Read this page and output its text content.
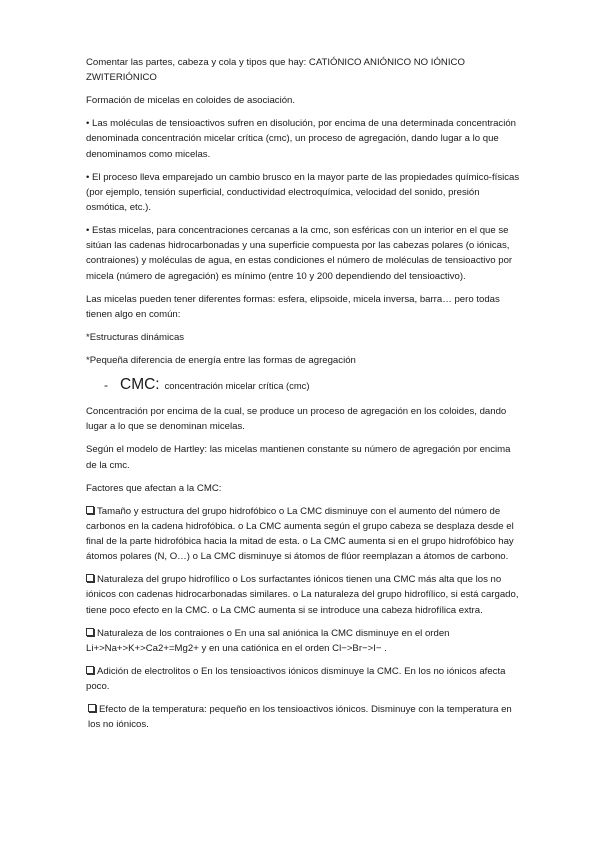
Comentar las partes, cabeza y cola y tipos que hay: CATIÓNICO ANIÓNICO NO IÓNICO ZWITERIÓNICO

Formación de micelas en coloides de asociación.

• Las moléculas de tensioactivos sufren en disolución, por encima de una determinada concentración denominada concentración micelar crítica (cmc), un proceso de agregación, dando lugar a lo que denominamos como micelas.

• El proceso lleva emparejado un cambio brusco en la mayor parte de las propiedades químico-físicas (por ejemplo, tensión superficial, conductividad electroquímica, velocidad del sonido, presión osmótica, etc.).

• Estas micelas, para concentraciones cercanas a la cmc, son esféricas con un interior en el que se sitúan las cadenas hidrocarbonadas y una superficie compuesta por las cabezas polares (o iónicas, contraiones) y moléculas de agua, en estas condiciones el número de moléculas de tensioactivo por micela (número de agregación) es mínimo (entre 10 y 200 dependiendo del tensioactivo).

Las micelas pueden tener diferentes formas: esfera, elipsoide, micela inversa, barra… pero todas tienen algo en común:

*Estructuras dinámicas

*Pequeña diferencia de energía entre las formas de agregación

- CMC: concentración micelar crítica (cmc)

Concentración por encima de la cual, se produce un proceso de agregación en los coloides, dando lugar a lo que se denominan micelas.

Según el modelo de Hartley: las micelas mantienen constante su número de agregación por encima de la cmc.

Factores que afectan a la CMC:

Tamaño y estructura del grupo hidrofóbico o La CMC disminuye con el aumento del número de carbonos en la cadena hidrofóbica. o La CMC aumenta según el grupo cabeza se desplaza desde el final de la parte hidrofóbica hacia la mitad de esta. o La CMC aumenta si en el grupo hidrofóbico hay átomos polares (N, O…) o La CMC disminuye si átomos de flúor reemplazan a átomos de carbono.

Naturaleza del grupo hidrofílico o Los surfactantes iónicos tienen una CMC más alta que los no iónicos con cadenas hidrocarbonadas similares. o La naturaleza del grupo hidrofílico, si está cargado, tiene poco efecto en la CMC. o La CMC aumenta si se introduce una cabeza hidrofílica extra.

Naturaleza de los contraiones o En una sal aniónica la CMC disminuye en el orden Li+>Na+>K+>Ca2+=Mg2+ y en una catiónica en el orden Cl−>Br−>I− .

Adición de electrolitos o En los tensioactivos iónicos disminuye la CMC. En los no iónicos afecta poco.

Efecto de la temperatura: pequeño en los tensioactivos iónicos. Disminuye con la temperatura en los no iónicos.
